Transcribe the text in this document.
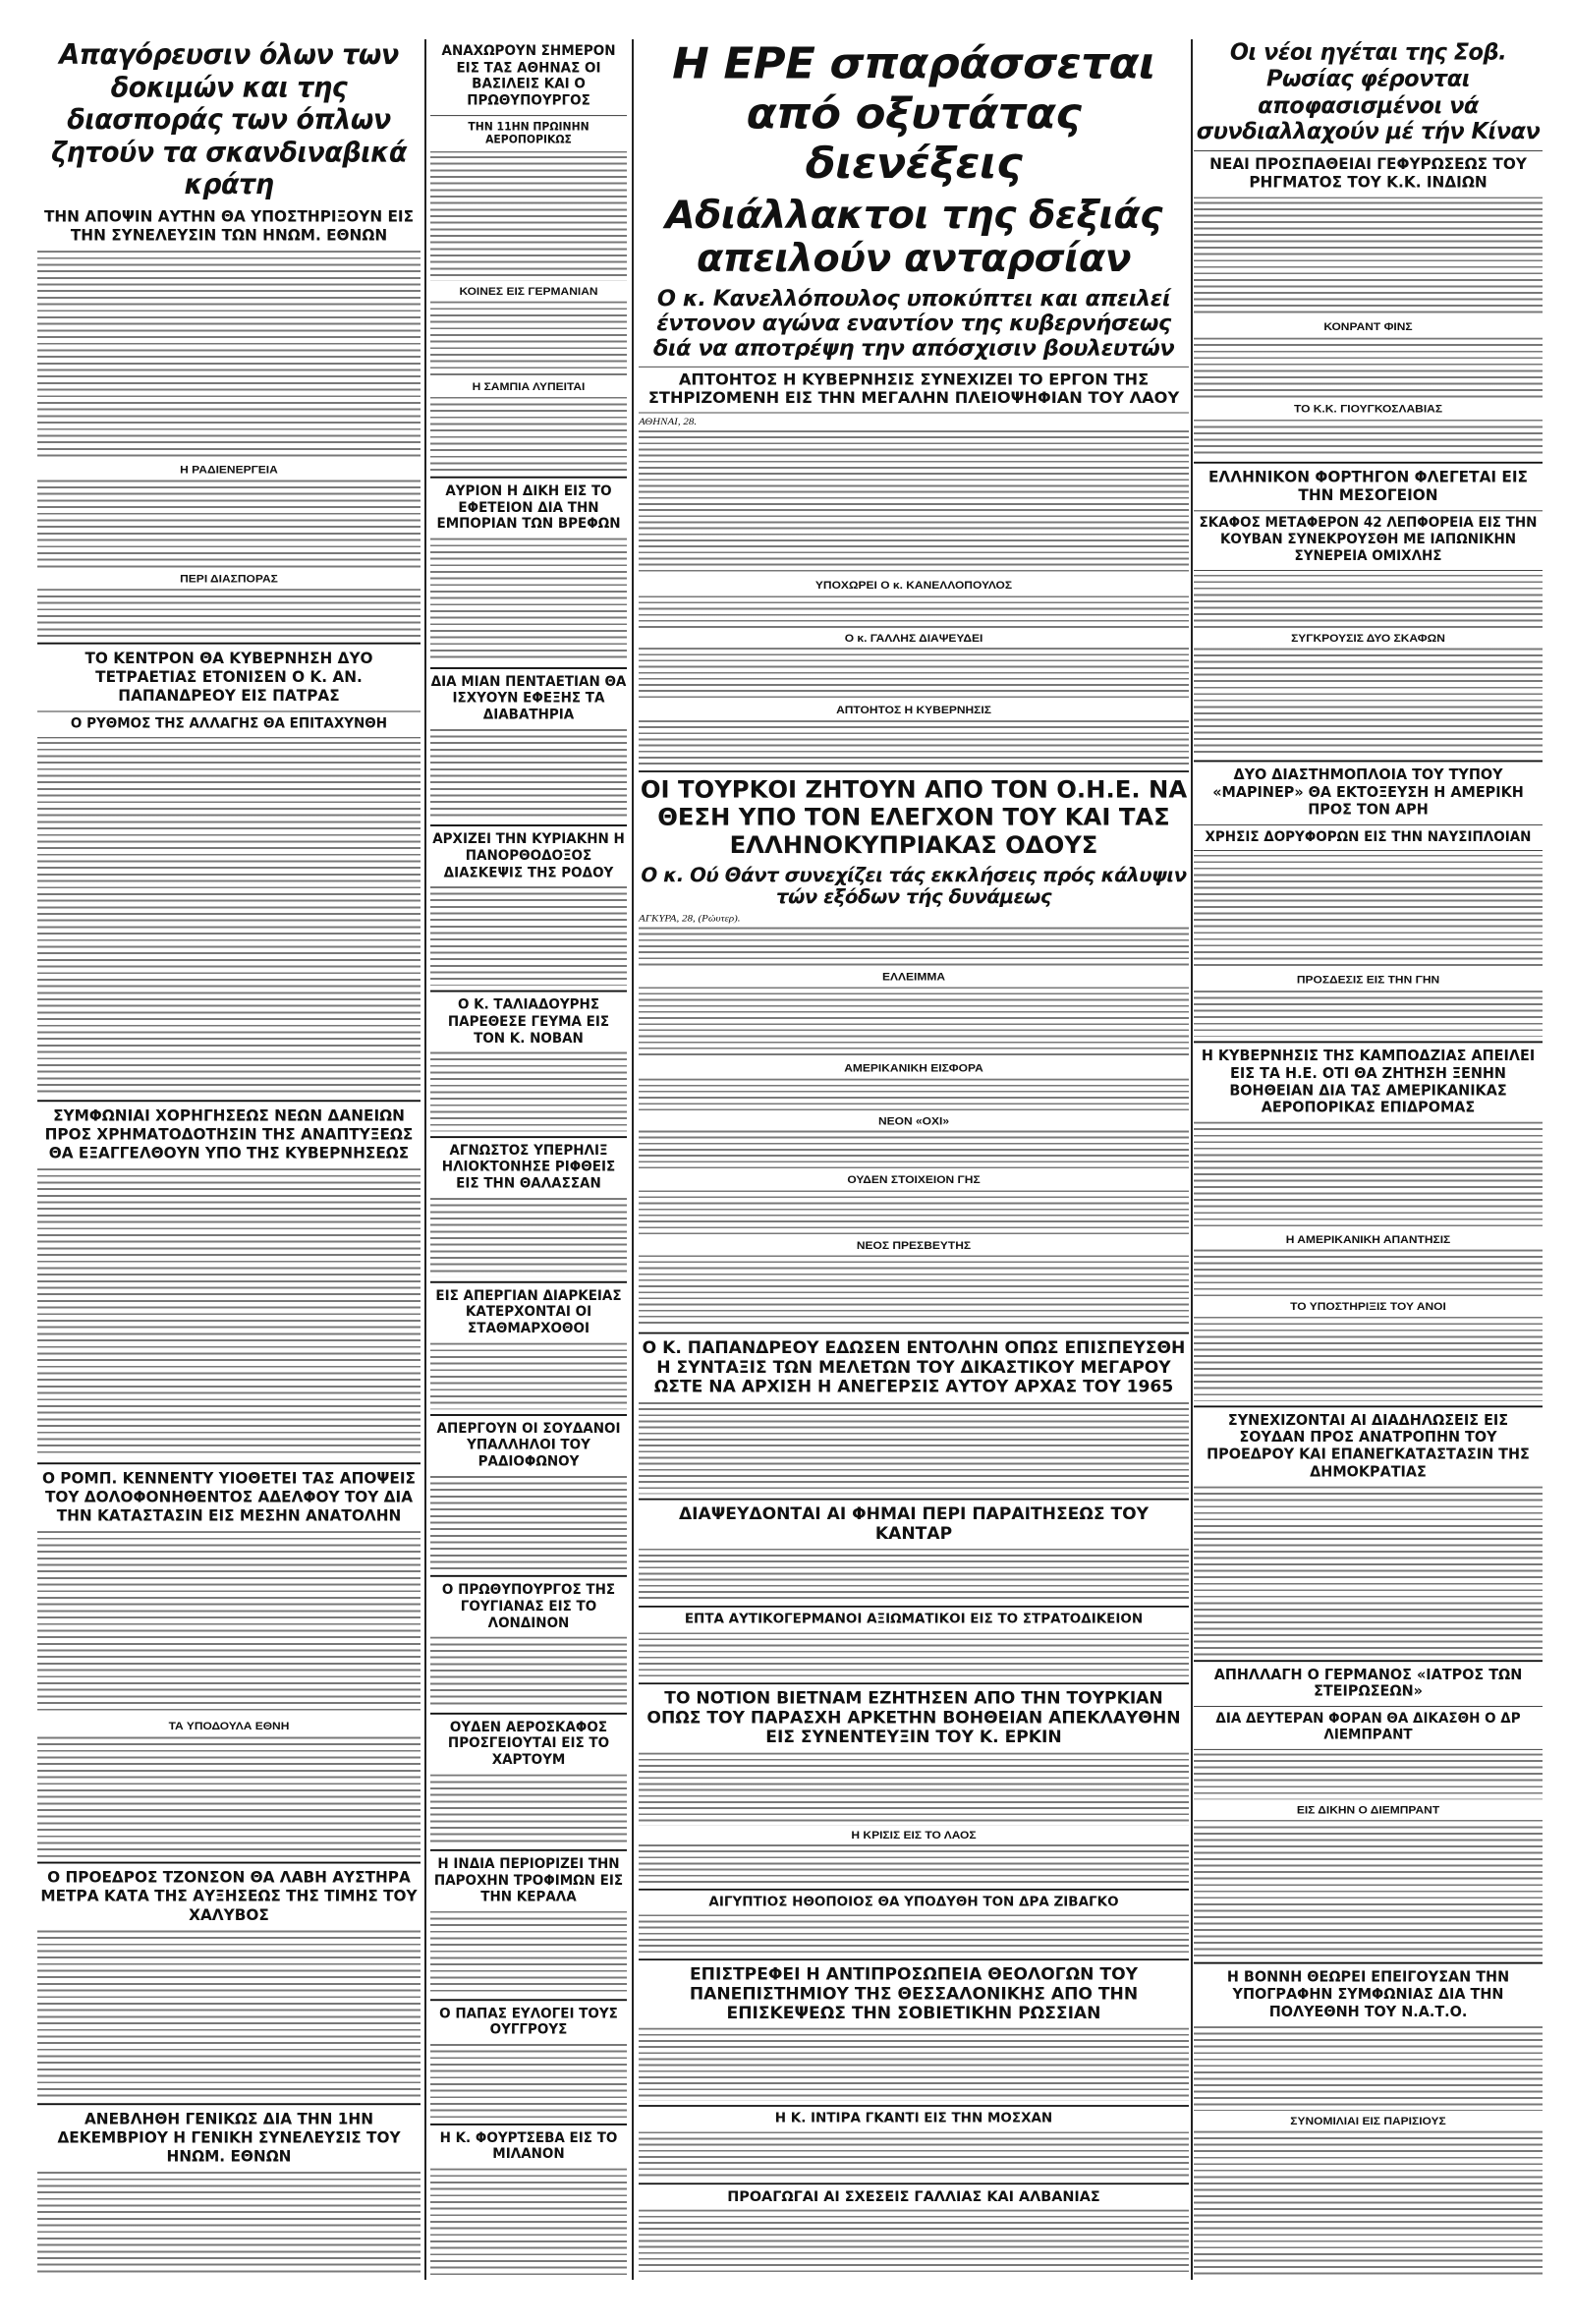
Απαγόρευσιν όλων των δοκιμών και της διασποράς των όπλων ζητούν τα σκανδιναβικά κράτη
ΤΗΝ ΑΠΟΨΙΝ ΑΥΤΗΝ ΘΑ ΥΠΟΣΤΗΡΙΞΟΥΝ ΕΙΣ ΤΗΝ ΣΥΝΕΛΕΥΣΙΝ ΤΩΝ ΗΝΩΜ. ΕΘΝΩΝ
Η ΡΑΔΙΕΝΕΡΓΕΙΑ
ΠΕΡΙ ΔΙΑΣΠΟΡΑΣ
ΤΟ ΚΕΝΤΡΟΝ ΘΑ ΚΥΒΕΡΝΗΣΗ ΔΥΟ ΤΕΤΡΑΕΤΙΑΣ ΕΤΟΝΙΣΕΝ Ο Κ. ΑΝ. ΠΑΠΑΝΔΡΕΟΥ ΕΙΣ ΠΑΤΡΑΣ
Ο ΡΥΘΜΟΣ ΤΗΣ ΑΛΛΑΓΗΣ ΘΑ ΕΠΙΤΑΧΥΝΘΗ
ΣΥΜΦΩΝΙΑΙ ΧΟΡΗΓΗΣΕΩΣ ΝΕΩΝ ΔΑΝΕΙΩΝ ΠΡΟΣ ΧΡΗΜΑΤΟΔΟΤΗΣΙΝ ΤΗΣ ΑΝΑΠΤΥΞΕΩΣ ΘΑ ΕΞΑΓΓΕΛΘΟΥΝ ΥΠΟ ΤΗΣ ΚΥΒΕΡΝΗΣΕΩΣ
Ο ΡΟΜΠ. ΚΕΝΝΕΝΤΥ ΥΙΟΘΕΤΕΙ ΤΑΣ ΑΠΟΨΕΙΣ ΤΟΥ ΔΟΛΟΦΟΝΗΘΕΝΤΟΣ ΑΔΕΛΦΟΥ ΤΟΥ ΔΙΑ ΤΗΝ ΚΑΤΑΣΤΑΣΙΝ ΕΙΣ ΜΕΣΗΝ ΑΝΑΤΟΛΗΝ
ΤΑ ΥΠΟΔΟΥΛΑ ΕΘΝΗ
Ο ΠΡΟΕΔΡΟΣ ΤΖΟΝΣΟΝ ΘΑ ΛΑΒΗ ΑΥΣΤΗΡΑ ΜΕΤΡΑ ΚΑΤΑ ΤΗΣ ΑΥΞΗΣΕΩΣ ΤΗΣ ΤΙΜΗΣ ΤΟΥ ΧΑΛΥΒΟΣ
ΑΝΕΒΛΗΘΗ ΓΕΝΙΚΩΣ ΔΙΑ ΤΗΝ 1ΗΝ ΔΕΚΕΜΒΡΙΟΥ Η ΓΕΝΙΚΗ ΣΥΝΕΛΕΥΣΙΣ ΤΟΥ ΗΝΩΜ. ΕΘΝΩΝ
ΑΝΑΧΩΡΟΥΝ ΣΗΜΕΡΟΝ ΕΙΣ ΤΑΣ ΑΘΗΝΑΣ ΟΙ ΒΑΣΙΛΕΙΣ ΚΑΙ Ο ΠΡΩΘΥΠΟΥΡΓΟΣ
ΤΗΝ 11ΗΝ ΠΡΩΙΝΗΝ ΑΕΡΟΠΟΡΙΚΩΣ
ΚΟΙΝΕΣ ΕΙΣ ΓΕΡΜΑΝΙΑΝ
Η ΣΑΜΠΙΑ ΛΥΠΕΙΤΑΙ
ΑΥΡΙΟΝ Η ΔΙΚΗ ΕΙΣ ΤΟ ΕΦΕΤΕΙΟΝ ΔΙΑ ΤΗΝ ΕΜΠΟΡΙΑΝ ΤΩΝ ΒΡΕΦΩΝ
ΔΙΑ ΜΙΑΝ ΠΕΝΤΑΕΤΙΑΝ ΘΑ ΙΣΧΥΟΥΝ ΕΦΕΞΗΣ ΤΑ ΔΙΑΒΑΤΗΡΙΑ
ΑΡΧΙΖΕΙ ΤΗΝ ΚΥΡΙΑΚΗΝ Η ΠΑΝΟΡΘΟΔΟΞΟΣ ΔΙΑΣΚΕΨΙΣ ΤΗΣ ΡΟΔΟΥ
Ο Κ. ΤΑΛΙΑΔΟΥΡΗΣ ΠΑΡΕΘΕΣΕ ΓΕΥΜΑ ΕΙΣ ΤΟΝ Κ. ΝΟΒΑΝ
ΑΓΝΩΣΤΟΣ ΥΠΕΡΗΛΙΞ ΗΛΙΟΚΤΟΝΗΣΕ ΡΙΦΘΕΙΣ ΕΙΣ ΤΗΝ ΘΑΛΑΣΣΑΝ
ΕΙΣ ΑΠΕΡΓΙΑΝ ΔΙΑΡΚΕΙΑΣ ΚΑΤΕΡΧΟΝΤΑΙ ΟΙ ΣΤΑΘΜΑΡΧΟΘΟΙ
ΑΠΕΡΓΟΥΝ ΟΙ ΣΟΥΔΑΝΟΙ ΥΠΑΛΛΗΛΟΙ ΤΟΥ ΡΑΔΙΟΦΩΝΟΥ
Ο ΠΡΩΘΥΠΟΥΡΓΟΣ ΤΗΣ ΓΟΥΓΙΑΝΑΣ ΕΙΣ ΤΟ ΛΟΝΔΙΝΟΝ
ΟΥΔΕΝ ΑΕΡΟΣΚΑΦΟΣ ΠΡΟΣΓΕΙΟΥΤΑΙ ΕΙΣ ΤΟ ΧΑΡΤΟΥΜ
Η ΙΝΔΙΑ ΠΕΡΙΟΡΙΖΕΙ ΤΗΝ ΠΑΡΟΧΗΝ ΤΡΟΦΙΜΩΝ ΕΙΣ ΤΗΝ ΚΕΡΑΛΑ
Ο ΠΑΠΑΣ ΕΥΛΟΓΕΙ ΤΟΥΣ ΟΥΓΓΡΟΥΣ
Η Κ. ΦΟΥΡΤΣΕΒΑ ΕΙΣ ΤΟ ΜΙΛΑΝΟΝ
Η ΕΡΕ σπαράσσεται από οξυτάτας διενέξεις
Αδιάλλακτοι της δεξιάς απειλούν ανταρσίαν
Ο κ. Κανελλόπουλος υποκύπτει και απειλεί έντονον αγώνα εναντίον της κυβερνήσεως διά να αποτρέψη την απόσχισιν βουλευτών
ΑΠΤΟΗΤΟΣ Η ΚΥΒΕΡΝΗΣΙΣ ΣΥΝΕΧΙΖΕΙ ΤΟ ΕΡΓΟΝ ΤΗΣ ΣΤΗΡΙΖΟΜΕΝΗ ΕΙΣ ΤΗΝ ΜΕΓΑΛΗΝ ΠΛΕΙΟΨΗΦΙΑΝ ΤΟΥ ΛΑΟΥ
ΑΘΗΝΑΙ, 28.
ΥΠΟΧΩΡΕΙ Ο κ. ΚΑΝΕΛΛΟΠΟΥΛΟΣ
Ο κ. ΓΑΛΛΗΣ ΔΙΑΨΕΥΔΕΙ
ΑΠΤΟΗΤΟΣ Η ΚΥΒΕΡΝΗΣΙΣ
ΟΙ ΤΟΥΡΚΟΙ ΖΗΤΟΥΝ ΑΠΟ ΤΟΝ Ο.Η.Ε. ΝΑ ΘΕΣΗ ΥΠΟ ΤΟΝ ΕΛΕΓΧΟΝ ΤΟΥ ΚΑΙ ΤΑΣ ΕΛΛΗΝΟΚΥΠΡΙΑΚΑΣ ΟΔΟΥΣ
Ο κ. Ού Θάντ συνεχίζει τάς εκκλήσεις πρός κάλυψιν τών εξόδων τής δυνάμεως
ΑΓΚΥΡΑ, 28, (Ρώυτερ).
ΕΛΛΕΙΜΜΑ
ΑΜΕΡΙΚΑΝΙΚΗ ΕΙΣΦΟΡΑ
ΝΕΟΝ «ΟΧΙ»
ΟΥΔΕΝ ΣΤΟΙΧΕΙΟΝ ΓΗΣ
ΝΕΟΣ ΠΡΕΣΒΕΥΤΗΣ
Ο Κ. ΠΑΠΑΝΔΡΕΟΥ ΕΔΩΣΕΝ ΕΝΤΟΛΗΝ ΟΠΩΣ ΕΠΙΣΠΕΥΣΘΗ Η ΣΥΝΤΑΞΙΣ ΤΩΝ ΜΕΛΕΤΩΝ ΤΟΥ ΔΙΚΑΣΤΙΚΟΥ ΜΕΓΑΡΟΥ ΩΣΤΕ ΝΑ ΑΡΧΙΣΗ Η ΑΝΕΓΕΡΣΙΣ ΑΥΤΟΥ ΑΡΧΑΣ ΤΟΥ 1965
ΔΙΑΨΕΥΔΟΝΤΑΙ ΑΙ ΦΗΜΑΙ ΠΕΡΙ ΠΑΡΑΙΤΗΣΕΩΣ ΤΟΥ ΚΑΝΤΑΡ
ΕΠΤΑ ΑΥΤΙΚΟΓΕΡΜΑΝΟΙ ΑΞΙΩΜΑΤΙΚΟΙ ΕΙΣ ΤΟ ΣΤΡΑΤΟΔΙΚΕΙΟΝ
ΤΟ ΝΟΤΙΟΝ ΒΙΕΤΝΑΜ ΕΖΗΤΗΣΕΝ ΑΠΟ ΤΗΝ ΤΟΥΡΚΙΑΝ ΟΠΩΣ ΤΟΥ ΠΑΡΑΣΧΗ ΑΡΚΕΤΗΝ ΒΟΗΘΕΙΑΝ ΑΠΕΚΛΑΥΘΗΝ ΕΙΣ ΣΥΝΕΝΤΕΥΞΙΝ ΤΟΥ Κ. ΕΡΚΙΝ
Η ΚΡΙΣΙΣ ΕΙΣ ΤΟ ΛΑΟΣ
ΑΙΓΥΠΤΙΟΣ ΗΘΟΠΟΙΟΣ ΘΑ ΥΠΟΔΥΘΗ ΤΟΝ ΔΡΑ ΖΙΒΑΓΚΟ
ΕΠΙΣΤΡΕΦΕΙ Η ΑΝΤΙΠΡΟΣΩΠΕΙΑ ΘΕΟΛΟΓΩΝ ΤΟΥ ΠΑΝΕΠΙΣΤΗΜΙΟΥ ΤΗΣ ΘΕΣΣΑΛΟΝΙΚΗΣ ΑΠΟ ΤΗΝ ΕΠΙΣΚΕΨΕΩΣ ΤΗΝ ΣΟΒΙΕΤΙΚΗΝ ΡΩΣΣΙΑΝ
Η Κ. ΙΝΤΙΡΑ ΓΚΑΝΤΙ ΕΙΣ ΤΗΝ ΜΟΣΧΑΝ
ΠΡΟΑΓΩΓΑΙ ΑΙ ΣΧΕΣΕΙΣ ΓΑΛΛΙΑΣ ΚΑΙ ΑΛΒΑΝΙΑΣ
Οι νέοι ηγέται της Σοβ. Ρωσίας φέρονται αποφασισμένοι νά συνδιαλλαχούν μέ τήν Κίναν
ΝΕΑΙ ΠΡΟΣΠΑΘΕΙΑΙ ΓΕΦΥΡΩΣΕΩΣ ΤΟΥ ΡΗΓΜΑΤΟΣ ΤΟΥ Κ.Κ. ΙΝΔΙΩΝ
ΚΟΝΡΑΝΤ ΦΙΝΣ
ΤΟ Κ.Κ. ΓΙΟΥΓΚΟΣΛΑΒΙΑΣ
ΕΛΛΗΝΙΚΟΝ ΦΟΡΤΗΓΟΝ ΦΛΕΓΕΤΑΙ ΕΙΣ ΤΗΝ ΜΕΣΟΓΕΙΟΝ
ΣΚΑΦΟΣ ΜΕΤΑΦΕΡΟΝ 42 ΛΕΠΦΟΡΕΙΑ ΕΙΣ ΤΗΝ ΚΟΥΒΑΝ ΣΥΝΕΚΡΟΥΣΘΗ ΜΕ ΙΑΠΩΝΙΚΗΝ ΣΥΝΕΡΕΙΑ ΟΜΙΧΛΗΣ
ΣΥΓΚΡΟΥΣΙΣ ΔΥΟ ΣΚΑΦΩΝ
ΔΥΟ ΔΙΑΣΤΗΜΟΠΛΟΙΑ ΤΟΥ ΤΥΠΟΥ «ΜΑΡΙΝΕΡ» ΘΑ ΕΚΤΟΞΕΥΣΗ Η ΑΜΕΡΙΚΗ ΠΡΟΣ ΤΟΝ ΑΡΗ
ΧΡΗΣΙΣ ΔΟΡΥΦΟΡΩΝ ΕΙΣ ΤΗΝ ΝΑΥΣΙΠΛΟΙΑΝ
ΠΡΟΣΔΕΣΙΣ ΕΙΣ ΤΗΝ ΓΗΝ
Η ΚΥΒΕΡΝΗΣΙΣ ΤΗΣ ΚΑΜΠΟΔΖΙΑΣ ΑΠΕΙΛΕΙ ΕΙΣ ΤΑ Η.Ε. ΟΤΙ ΘΑ ΖΗΤΗΣΗ ΞΕΝΗΝ ΒΟΗΘΕΙΑΝ ΔΙΑ ΤΑΣ ΑΜΕΡΙΚΑΝΙΚΑΣ ΑΕΡΟΠΟΡΙΚΑΣ ΕΠΙΔΡΟΜΑΣ
Η ΑΜΕΡΙΚΑΝΙΚΗ ΑΠΑΝΤΗΣΙΣ
ΤΟ ΥΠΟΣΤΗΡΙΞΙΣ ΤΟΥ ΑΝΟΙ
ΣΥΝΕΧΙΖΟΝΤΑΙ ΑΙ ΔΙΑΔΗΛΩΣΕΙΣ ΕΙΣ ΣΟΥΔΑΝ ΠΡΟΣ ΑΝΑΤΡΟΠΗΝ ΤΟΥ ΠΡΟΕΔΡΟΥ ΚΑΙ ΕΠΑΝΕΓΚΑΤΑΣΤΑΣΙΝ ΤΗΣ ΔΗΜΟΚΡΑΤΙΑΣ
ΑΠΗΛΛΑΓΗ Ο ΓΕΡΜΑΝΟΣ «ΙΑΤΡΟΣ ΤΩΝ ΣΤΕΙΡΩΣΕΩΝ»
ΔΙΑ ΔΕΥΤΕΡΑΝ ΦΟΡΑΝ ΘΑ ΔΙΚΑΣΘΗ Ο ΔΡ ΛΙΕΜΠΡΑΝΤ
ΕΙΣ ΔΙΚΗΝ Ο ΔΙΕΜΠΡΑΝΤ
Η ΒΟΝΝΗ ΘΕΩΡΕΙ ΕΠΕΙΓΟΥΣΑΝ ΤΗΝ ΥΠΟΓΡΑΦΗΝ ΣΥΜΦΩΝΙΑΣ ΔΙΑ ΤΗΝ ΠΟΛΥΕΘΝΗ ΤΟΥ Ν.Α.Τ.Ο.
ΣΥΝΟΜΙΛΙΑΙ ΕΙΣ ΠΑΡΙΣΙΟΥΣ
